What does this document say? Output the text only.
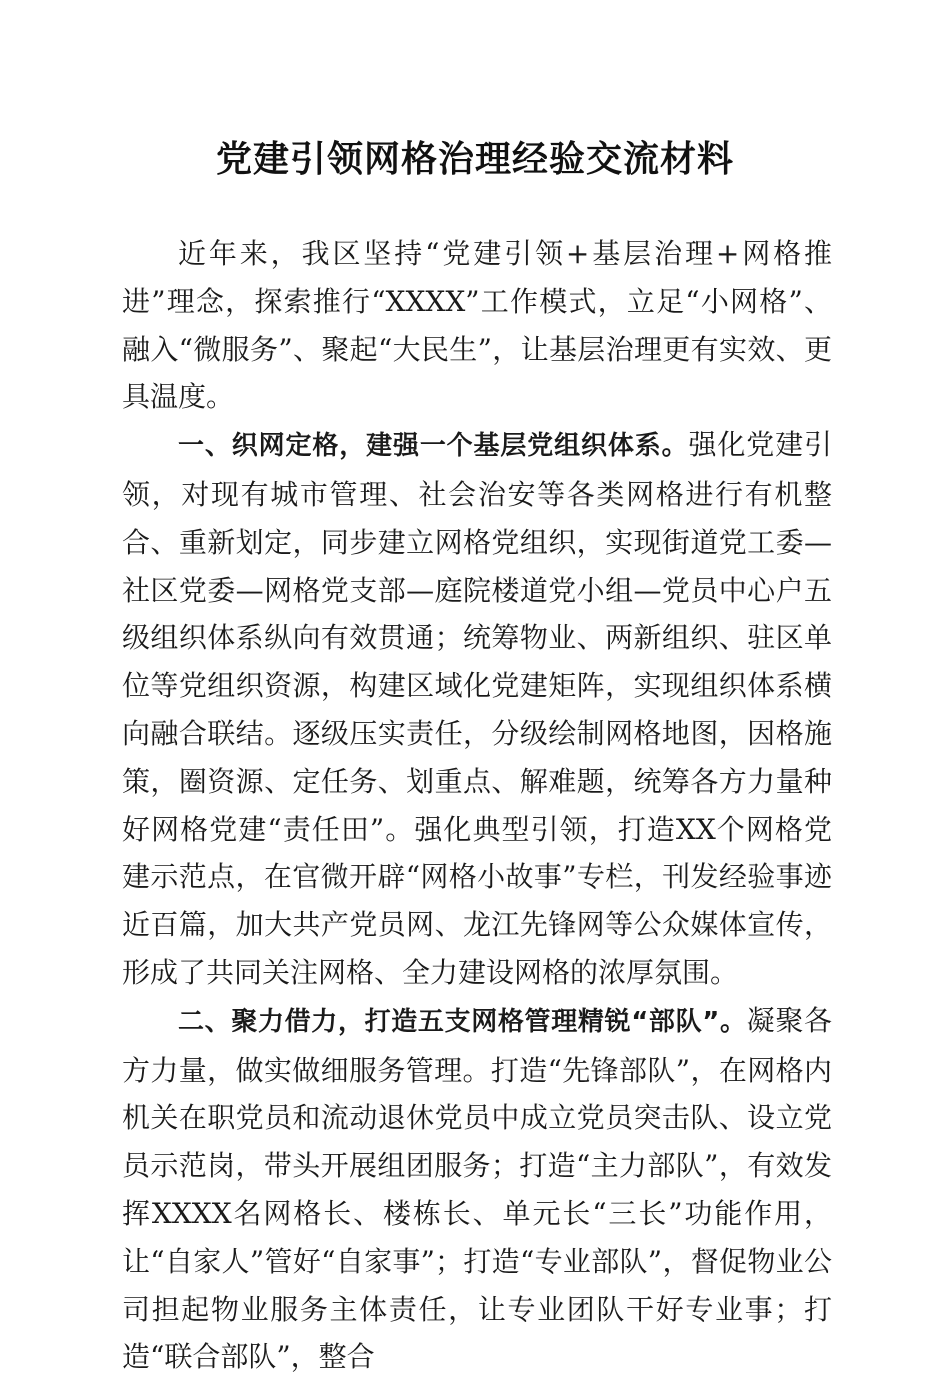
党建引领网格治理经验交流材料

近年来，我区坚持“党建引领+基层治理+网格推进”理念，探索推行“XXXX”工作模式，立足“小网格”、融入“微服务”、聚起“大民生”，让基层治理更有实效、更具温度。

一、织网定格，建强一个基层党组织体系。强化党建引领，对现有城市管理、社会治安等各类网格进行有机整合、重新划定，同步建立网格党组织，实现街道党工委—社区党委—网格党支部—庭院楼道党小组—党员中心户五级组织体系纵向有效贯通；统筹物业、两新组织、驻区单位等党组织资源，构建区域化党建矩阵，实现组织体系横向融合联结。逐级压实责任，分级绘制网格地图，因格施策，圈资源、定任务、划重点、解难题，统筹各方力量种好网格党建“责任田”。强化典型引领，打造XX个网格党建示范点，在官微开辟“网格小故事”专栏，刊发经验事迹近百篇，加大共产党员网、龙江先锋网等公众媒体宣传，形成了共同关注网格、全力建设网格的浓厚氛围。

二、聚力借力，打造五支网格管理精锐“部队”。凝聚各方力量，做实做细服务管理。打造“先锋部队”，在网格内机关在职党员和流动退休党员中成立党员突击队、设立党员示范岗，带头开展组团服务；打造“主力部队”，有效发挥XXXX名网格长、楼栋长、单元长“三长”功能作用，让“自家人”管好“自家事”；打造“专业部队”，督促物业公司担起物业服务主体责任，让专业团队干好专业事；打造“联合部队”，整合
